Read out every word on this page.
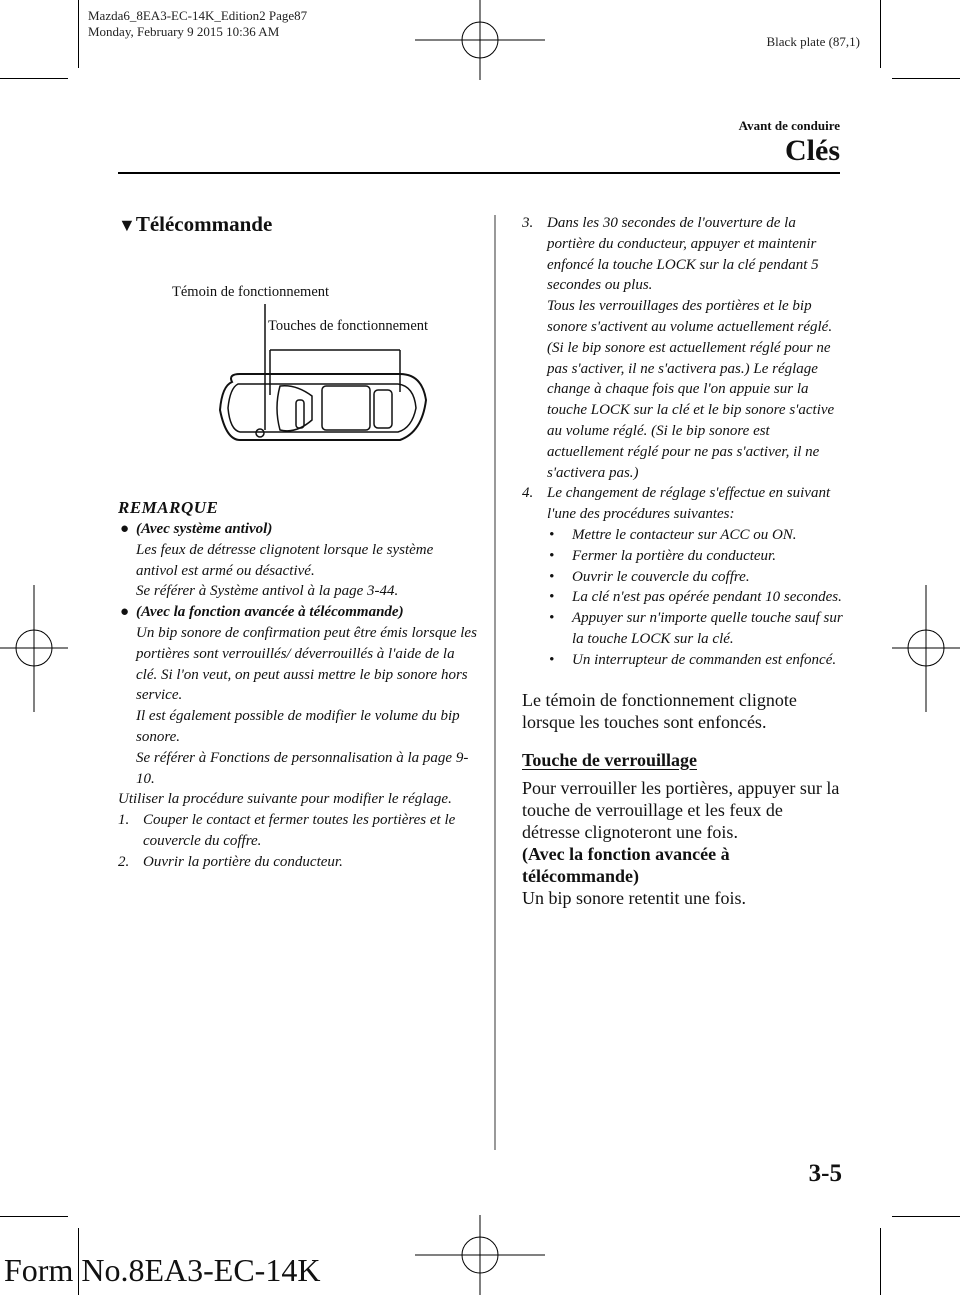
Mazda6_8EA3-EC-14K_Edition2 Page87
Monday, February 9 2015 10:36 AM
Black plate (87,1)
Avant de conduire
Clés
▼Télécommande
Témoin de fonctionnement
Touches de fonctionnement
REMARQUE
● (Avec système antivol)

Les feux de détresse clignotent lorsque le système antivol est armé ou désactivé.

Se référer à Système antivol à la page 3-44.

● (Avec la fonction avancée à télécommande)

Un bip sonore de confirmation peut être émis lorsque les portières sont verrouillés/ déverrouillés à l'aide de la clé. Si l'on veut, on peut aussi mettre le bip sonore hors service.

Il est également possible de modifier le volume du bip sonore.

Se référer à Fonctions de personnalisation à la page 9-10.

Utiliser la procédure suivante pour modifier le réglage.

1. Couper le contact et fermer toutes les portières et le couvercle du coffre.

2. Ouvrir la portière du conducteur.

3. Dans les 30 secondes de l'ouverture de la portière du conducteur, appuyer et maintenir enfoncé la touche LOCK sur la clé pendant 5 secondes ou plus.

Tous les verrouillages des portières et le bip sonore s'activent au volume actuellement réglé. (Si le bip sonore est actuellement réglé pour ne pas s'activer, il ne s'activera pas.) Le réglage change à chaque fois que l'on appuie sur la touche LOCK sur la clé et le bip sonore s'active au volume réglé. (Si le bip sonore est actuellement réglé pour ne pas s'activer, il ne s'activera pas.)

4. Le changement de réglage s'effectue en suivant l'une des procédures suivantes:

• Mettre le contacteur sur ACC ou ON.

• Fermer la portière du conducteur.

• Ouvrir le couvercle du coffre.

• La clé n'est pas opérée pendant 10 secondes.

• Appuyer sur n'importe quelle touche sauf sur la touche LOCK sur la clé.

• Un interrupteur de commanden est enfoncé.

Le témoin de fonctionnement clignote lorsque les touches sont enfoncés.

Touche de verrouillage

Pour verrouiller les portières, appuyer sur la touche de verrouillage et les feux de détresse clignoteront une fois.

(Avec la fonction avancée à télécommande)

Un bip sonore retentit une fois.

3-5
Form No.8EA3-EC-14K
